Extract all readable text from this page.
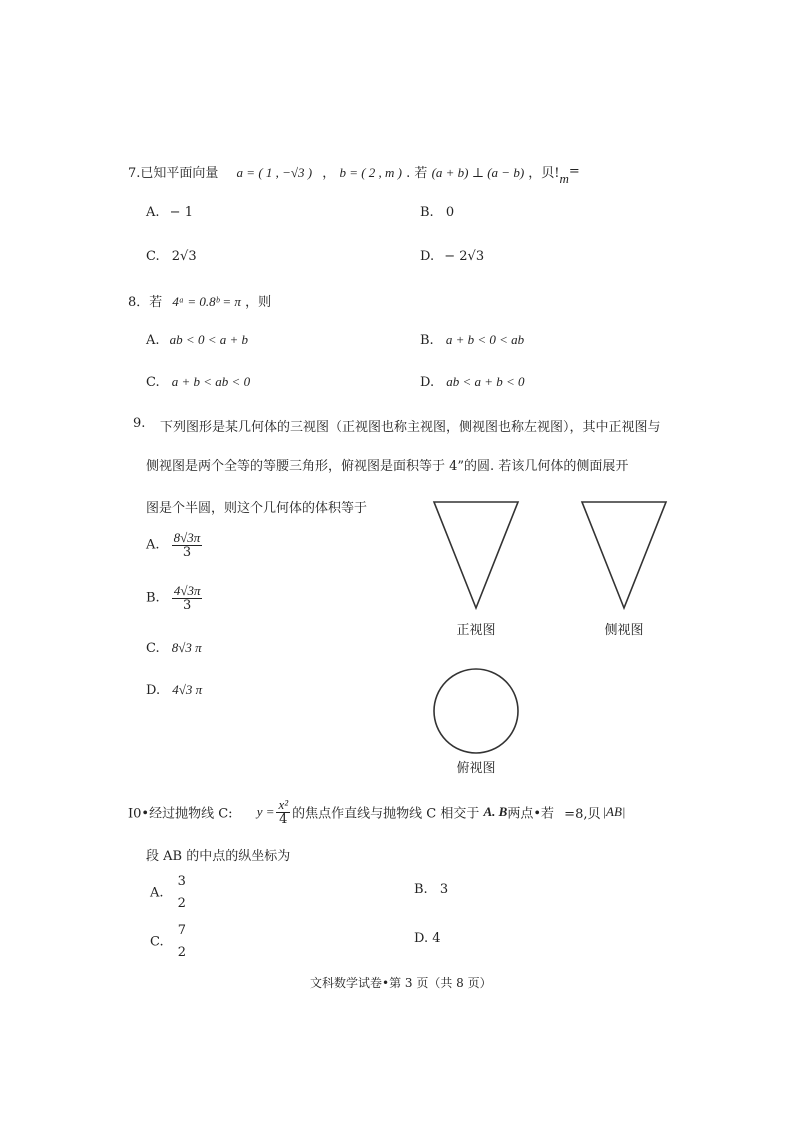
7.已知平面向量 a = ( 1 , −√3 ) ， b = ( 2 , m ) . 若 (a + b) ⊥ (a − b) ，贝!m=
A. − 1	B. 0
C. 2√3	D. − 2√3
8．若 4ᵃ = 0.8ᵇ = π ，则
A. ab < 0 < a + b	B. a + b < 0 < ab
C. a + b < ab < 0	D. ab < a + b < 0
9. 下列图形是某几何体的三视图（正视图也称主视图，侧视图也称左视图），其中正视图与
侧视图是两个全等的等腰三角形，俯视图是面积等于 4”的圆. 若该几何体的侧面展开
图是个半圆，则这个几何体的体积等于
A. $\frac{8√3\pi}{3}$
B. $\frac{4√3\pi}{3}$
C. 8√3 π
D. 4√3 π
正视图	侧视图
俯视图
I0•经过抛物线 C: $y = \frac{\text{x²}}{4}$ 的焦点作直线与抛物线 C 相交于 A. B两点•若 =8,贝 |AB|
段 AB 的中点的纵坐标为
A.
3
2
B. 3
C.
7
2
D. 4
文科数学试卷•第 3 页（共 8 页）
